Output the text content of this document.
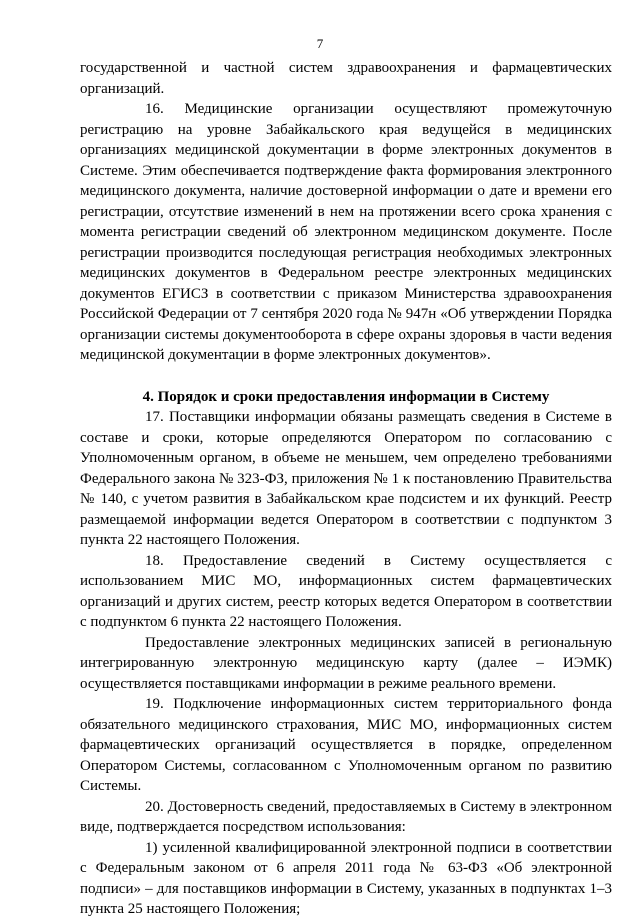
7

государственной и частной систем здравоохранения и фармацевтических организаций.

16. Медицинские организации осуществляют промежуточную регистрацию на уровне Забайкальского края ведущейся в медицинских организациях медицинской документации в форме электронных документов в Системе. Этим обеспечивается подтверждение факта формирования электронного медицинского документа, наличие достоверной информации о дате и времени его регистрации, отсутствие изменений в нем на протяжении всего срока хранения с момента регистрации сведений об электронном медицинском документе. После регистрации производится последующая регистрация необходимых электронных медицинских документов в Федеральном реестре электронных медицинских документов ЕГИСЗ в соответствии с приказом Министерства здравоохранения Российской Федерации от 7 сентября 2020 года № 947н «Об утверждении Порядка организации системы документооборота в сфере охраны здоровья в части ведения медицинской документации в форме электронных документов».

4. Порядок и сроки предоставления информации в Систему

17. Поставщики информации обязаны размещать сведения в Системе в составе и сроки, которые определяются Оператором по согласованию с Уполномоченным органом, в объеме не меньшем, чем определено требованиями Федерального закона № 323-ФЗ, приложения № 1 к постановлению Правительства № 140, с учетом развития в Забайкальском крае подсистем и их функций. Реестр размещаемой информации ведется Оператором в соответствии с подпунктом 3 пункта 22 настоящего Положения.

18. Предоставление сведений в Систему осуществляется с использованием МИС МО, информационных систем фармацевтических организаций и других систем, реестр которых ведется Оператором в соответствии с подпунктом 6 пункта 22 настоящего Положения.

Предоставление электронных медицинских записей в региональную интегрированную электронную медицинскую карту (далее – ИЭМК) осуществляется поставщиками информации в режиме реального времени.

19. Подключение информационных систем территориального фонда обязательного медицинского страхования, МИС МО, информационных систем фармацевтических организаций осуществляется в порядке, определенном Оператором Системы, согласованном с Уполномоченным органом по развитию Системы.

20. Достоверность сведений, предоставляемых в Систему в электронном виде, подтверждается посредством использования:

1) усиленной квалифицированной электронной подписи в соответствии с Федеральным законом от 6 апреля 2011 года № 63-ФЗ «Об электронной подписи» – для поставщиков информации в Систему, указанных в подпунктах 1–3 пункта 25 настоящего Положения;
